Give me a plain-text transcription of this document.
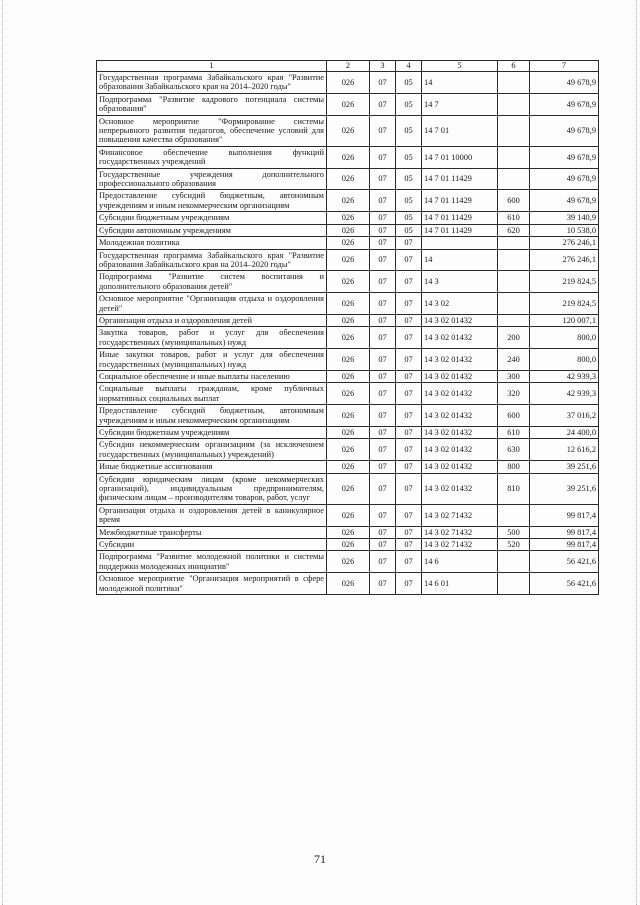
1	2	3	4	5	6	7
Государственная программа Забайкальского края "Развитие образования Забайкальского края на 2014–2020 годы"	026	07	05	14		49 678,9
Подпрограмма "Развитие кадрового потенциала системы образования"	026	07	05	14 7		49 678,9
Основное мероприятие "Формирование системы непрерывного развития педагогов, обеспечение условий для повышения качества образования"	026	07	05	14 7 01		49 678,9
Финансовое обеспечение выполнения функций государственных учреждений	026	07	05	14 7 01 10000		49 678,9
Государственные учреждения дополнительного профессионального образования	026	07	05	14 7 01 11429		49 678,9
Предоставление субсидий бюджетным, автономным учреждениям и иным некоммерческим организациям	026	07	05	14 7 01 11429	600	49 678,9
Субсидии бюджетным учреждениям	026	07	05	14 7 01 11429	610	39 140,9
Субсидии автономным учреждениям	026	07	05	14 7 01 11429	620	10 538,0
Молодежная политика	026	07	07			276 246,1
Государственная программа Забайкальского края "Развитие образования Забайкальского края на 2014–2020 годы"	026	07	07	14		276 246,1
Подпрограмма "Развитие систем воспитания и дополнительного образования детей"	026	07	07	14 3		219 824,5
Основное мероприятие "Организация отдыха и оздоровления детей"	026	07	07	14 3 02		219 824,5
Организация отдыха и оздоровления детей	026	07	07	14 3 02 01432		120 007,1
Закупка товаров, работ и услуг для обеспечения государственных (муниципальных) нужд	026	07	07	14 3 02 01432	200	800,0
Иные закупки товаров, работ и услуг для обеспечения государственных (муниципальных) нужд	026	07	07	14 3 02 01432	240	800,0
Социальное обеспечение и иные выплаты населению	026	07	07	14 3 02 01432	300	42 939,3
Социальные выплаты гражданам, кроме публичных нормативных социальных выплат	026	07	07	14 3 02 01432	320	42 939,3
Предоставление субсидий бюджетным, автономным учреждениям и иным некоммерческим организациям	026	07	07	14 3 02 01432	600	37 016,2
Субсидии бюджетным учреждениям	026	07	07	14 3 02 01432	610	24 400,0
Субсидии некоммерческим организациям (за исключением государственных (муниципальных) учреждений)	026	07	07	14 3 02 01432	630	12 616,2
Иные бюджетные ассигнования	026	07	07	14 3 02 01432	800	39 251,6
Субсидии юридическим лицам (кроме некоммерческих организаций), индивидуальным предпринимателям, физическим лицам – производителям товаров, работ, услуг	026	07	07	14 3 02 01432	810	39 251,6
Организация отдыха и оздоровления детей в каникулярное время	026	07	07	14 3 02 71432		99 817,4
Межбюджетные трансферты	026	07	07	14 3 02 71432	500	99 817,4
Субсидии	026	07	07	14 3 02 71432	520	99 817,4
Подпрограмма "Развитие молодежной политики и системы поддержки молодежных инициатив"	026	07	07	14 6		56 421,6
Основное мероприятие "Организация мероприятий в сфере молодежной политики"	026	07	07	14 6 01		56 421,6
71
